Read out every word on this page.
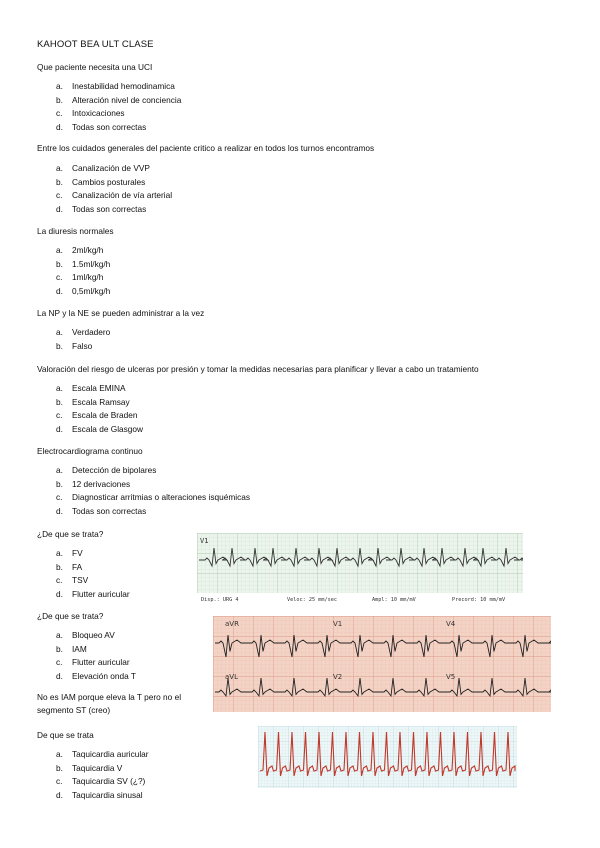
KAHOOT BEA ULT CLASE
Que paciente necesita una UCI
a. Inestabilidad hemodinamica
b. Alteración nivel de conciencia
c. Intoxicaciones
d. Todas son correctas
Entre los cuidados generales del paciente critico a realizar en todos los turnos encontramos
a. Canalización de VVP
b. Cambios posturales
c. Canalización de vía arterial
d. Todas son correctas
La diuresis normales
a. 2ml/kg/h
b. 1.5ml/kg/h
c. 1ml/kg/h
d. 0,5ml/kg/h
La NP y la NE se pueden administrar a la vez
a. Verdadero
b. Falso
Valoración del riesgo de ulceras por presión y tomar la medidas necesarias para planificar y llevar a cabo un tratamiento
a. Escala EMINA
b. Escala Ramsay
c. Escala de Braden
d. Escala de Glasgow
Electrocardiograma continuo
a. Detección de bipolares
b. 12 derivaciones
c. Diagnosticar arritmias o alteraciones isquémicas
d. Todas son correctas
¿De que se trata?
a. FV
b. FA
c. TSV
d. Flutter auricular
V1
Disp.: URG 4	Veloc: 25 mm/sec	Ampl: 10 mm/mV	Precord: 10 mm/mV
¿De que se trata?
a. Bloqueo AV
b. IAM
c. Flutter auricular
d. Elevación onda T
aVR	V1	V4
aVL	V2	V5
No es IAM porque eleva la T pero no el segmento ST (creo)
De que se trata
a. Taquicardia auricular
b. Taquicardia V
c. Taquicardia SV (¿?)
d. Taquicardia sinusal
